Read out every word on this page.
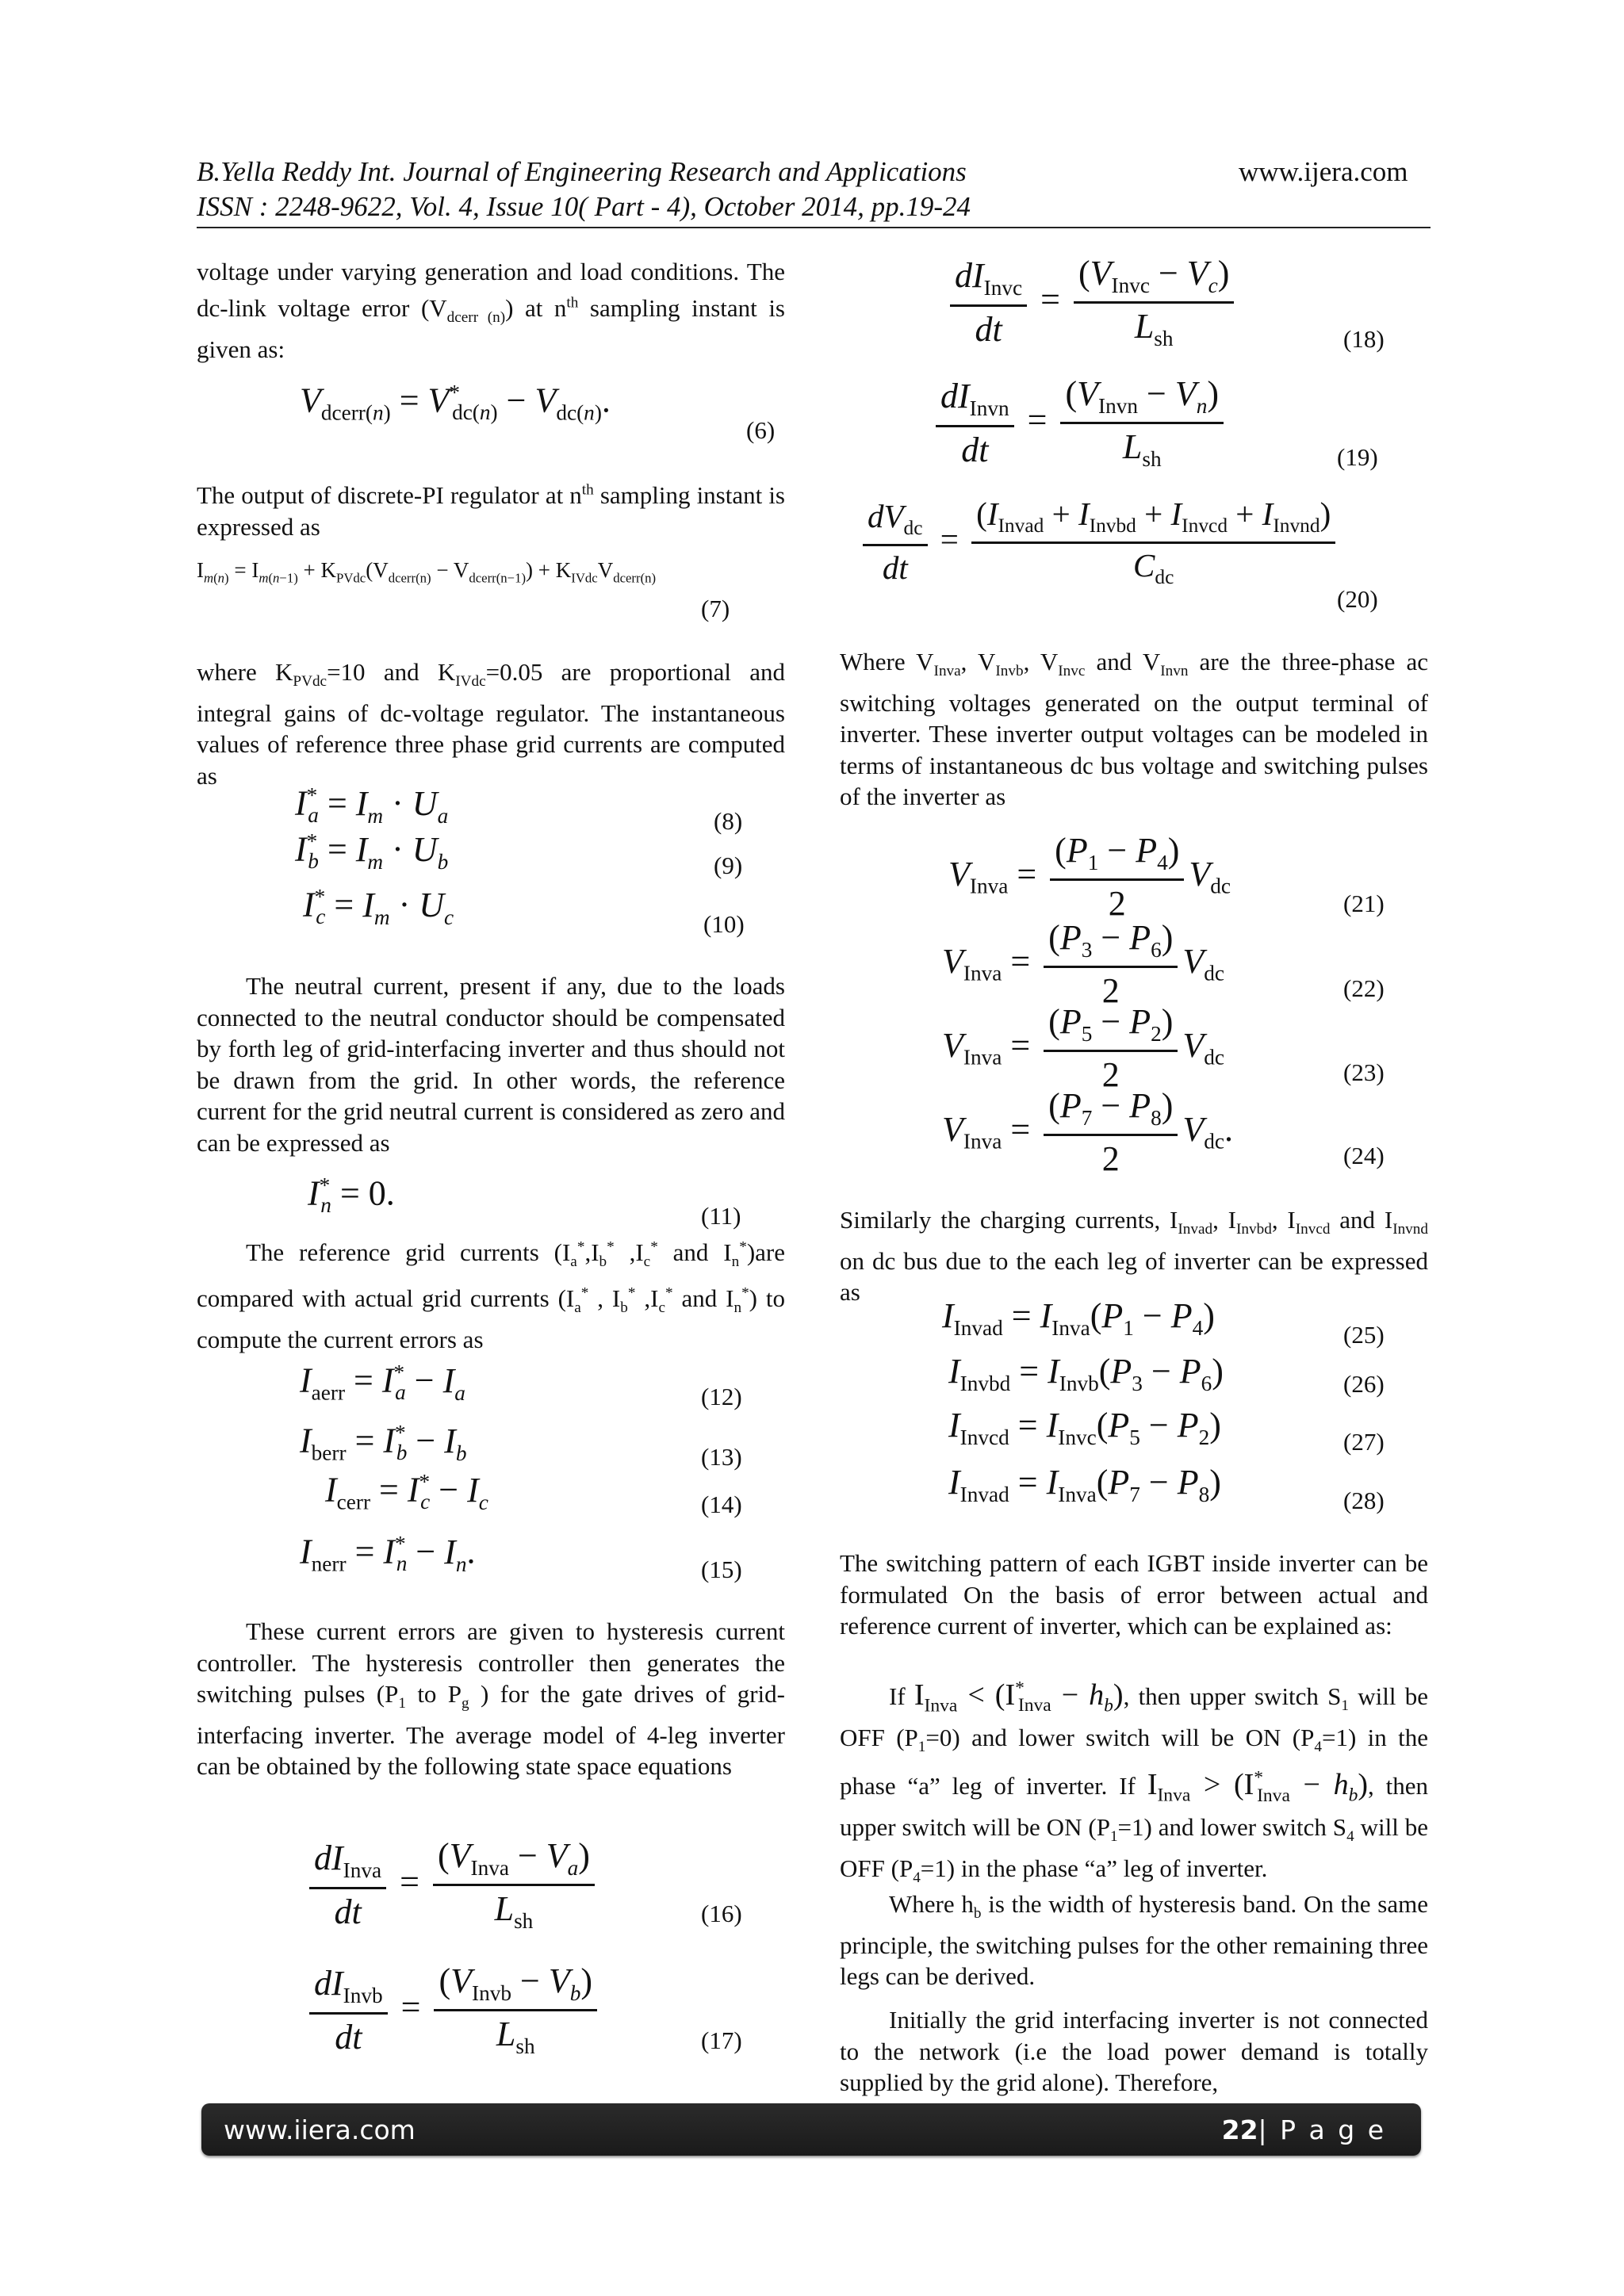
B.Yella Reddy Int. Journal of Engineering Research and Applications	www.ijera.com
ISSN : 2248-9622, Vol. 4, Issue 10( Part - 4), October 2014, pp.19-24
voltage under varying generation and load conditions. The dc-link voltage error $(V_{dcerr (n)})$ at $n^{th}$ sampling instant is given as:
$V_{dcerr(n)} = V^*_{dc(n)} - V_{dc(n)}$.
(6)
The output of discrete-PI regulator at $n^{th}$ sampling instant is expressed as
$I_{m(n)} = I_{m(n-1)} + K_{PVdc}(V_{dcerr(n)} - V_{dcerr(n-1)}) + K_{IVdc}V_{dcerr(n)}$
(7)
where $K_{PVdc}=10$ and $K_{IVdc}=0.05$ are proportional and integral gains of dc-voltage regulator. The instantaneous values of reference three phase grid currents are computed as
$I^*_a = I_m \cdot U_a$	(8)
$I^*_b = I_m \cdot U_b$	(9)
$I^*_c = I_m \cdot U_c$	(10)
The neutral current, present if any, due to the loads connected to the neutral conductor should be compensated by forth leg of grid-interfacing inverter and thus should not be drawn from the grid. In other words, the reference current for the grid neutral current is considered as zero and can be expressed as
$I^*_n = 0$.
(11)
The reference grid currents ($I_a^*,I_b^*$ $,I_c^*$ and $I_n^*)are$ compared with actual grid currents ($I_a^*$ , $I_b^*$ $,I_c^*$ and $I_n^*$) to compute the current errors as
$I_{aerr} = I^*_a - I_a$	(12)
$I_{berr} = I^*_b - I_b$	(13)
$I_{cerr} = I^*_c - I_c$	(14)
$I_{nerr} = I^*_n - I_n$.	(15)
These current errors are given to hysteresis current controller. The hysteresis controller then generates the switching pulses ($P_1$ to $P_g$ ) for the gate drives of grid-interfacing inverter. The average model of 4-leg inverter can be obtained by the following state space equations
$\frac{dI_{Inva}}{dt} = \frac{(V_{Inva} - V_a)}{L_{sh}}$	(16)
$\frac{dI_{Invb}}{dt} = \frac{(V_{Invb} - V_b)}{L_{sh}}$	(17)
$\frac{dI_{Invc}}{dt} = \frac{(V_{Invc} - V_c)}{L_{sh}}$	(18)
$\frac{dI_{Invn}}{dt} = \frac{(V_{Invn} - V_n)}{L_{sh}}$	(19)
$\frac{dV_{dc}}{dt} = \frac{(I_{Invad} + I_{Invbd} + I_{Invcd} + I_{Invnd})}{C_{dc}}$
(20)
Where $V_{Inva}$, $V_{Invb}$, $V_{Invc}$ and $V_{Invn}$ are the three-phase ac switching voltages generated on the output terminal of inverter. These inverter output voltages can be modeled in terms of instantaneous dc bus voltage and switching pulses of the inverter as
$V_{Inva} = \frac{(P_1 - P_4)}{2} V_{dc}$
(21)
$V_{Inva} = \frac{(P_3 - P_6)}{2} V_{dc}$
(22)
$V_{Inva} = \frac{(P_5 - P_2)}{2} V_{dc}$
(23)
$V_{Inva} = \frac{(P_7 - P_8)}{2} V_{dc}$.
(24)
Similarly the charging currents, $I_{Invad}$, $I_{Invbd}$, $I_{Invcd}$ and $I_{Invnd}$ on dc bus due to the each leg of inverter can be expressed as
$I_{Invad} = I_{Inva}(P_1 - P_4)$	(25)
$I_{Invbd} = I_{Invb}(P_3 - P_6)$	(26)
$I_{Invcd} = I_{Invc}(P_5 - P_2)$	(27)
$I_{Invad} = I_{Inva}(P_7 - P_8)$	(28)
The switching pattern of each IGBT inside inverter can be formulated On the basis of error between actual and reference current of inverter, which can be explained as:
If $I_{Inva} < (I^*_{Inva} - h_b)$, then upper switch $S_1$ will be OFF $(P_1=0)$ and lower switch will be ON $(P_4=1)$ in the phase “a” leg of inverter. If $I_{Inva} > (I^*_{Inva} - h_b)$, then upper switch will be ON $(P_1=1)$ and lower switch $S_4$ will be OFF $(P_4=1)$ in the phase “a” leg of inverter.
Where $h_b$ is the width of hysteresis band. On the same principle, the switching pulses for the other remaining three legs can be derived.
Initially the grid interfacing inverter is not connected to the network (i.e the load power demand is totally supplied by the grid alone). Therefore,
www.iiera.com	22| P a g e
